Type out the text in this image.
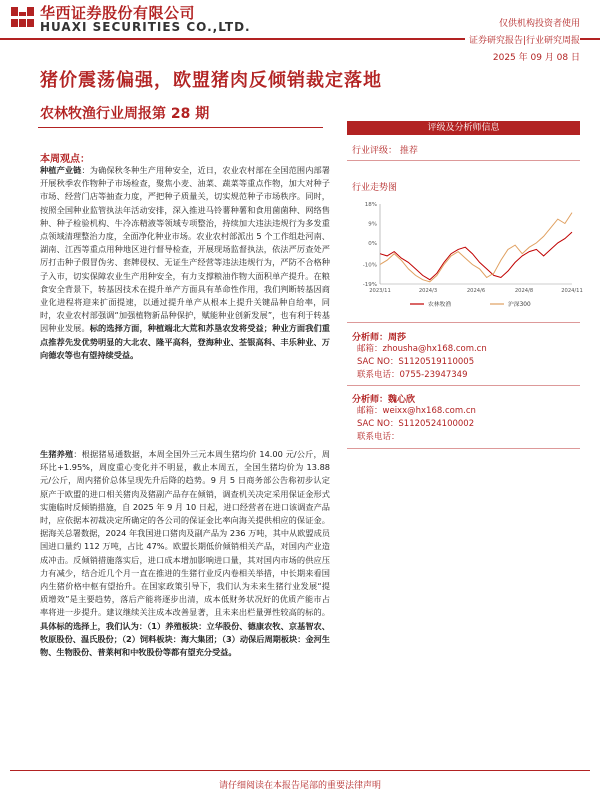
华西证券股份有限公司
HUAXI SECURITIES CO.,LTD.	仅供机构投资者使用
证券研究报告|行业研究周报
2025 年 09 月 08 日
猪价震荡偏强，欧盟猪肉反倾销裁定落地
农林牧渔行业周报第 28 期
本周观点：
种植产业链：为确保秋冬种生产用种安全，近日，农业农村部在全国范围内部署开展秋季农作物种子市场检查，聚焦小麦、油菜、蔬菜等重点作物，加大对种子市场、经营门店等抽查力度，严把种子质量关，切实规范种子市场秩序。同时，按照全国种业监管执法年活动安排，深入推进马铃薯种薯和食用菌菌种、网络售种、种子检验机构、牛冷冻精液等领域专项整治，持续加大违法违规行为多发重点领域清理整治力度，全面净化种业市场。农业农村部派出 5 个工作组赴河南、湖南、江西等重点用种地区进行督导检查，开展现场监督执法，依法严厉查处严厉打击种子假冒伪劣、套牌侵权、无证生产经营等违法违规行为，严防不合格种子入市，切实保障农业生产用种安全，有力支撑粮油作物大面积单产提升。在粮食安全背景下，转基因技术在提升单产方面具有革命性作用，我们判断转基因商业化进程将迎来扩面提速，以通过提升单产从根本上提升关键品种自给率，同时，农业农村部强调“加强植物新品种保护，赋能种业创新发展”，也有利于转基因种业发展。标的选择方面，种植端北大荒和苏垦农发将受益；种业方面我们重点推荐先发优势明显的大北农、隆平高科，登海种业、荃银高科、丰乐种业、万向德农等也有望持续受益。
生猪养殖：根据猪易通数据，本周全国外三元本周生猪均价 14.00 元/公斤，周环比+1.95%，周度重心变化并不明显，截止本周五，全国生猪均价为 13.88 元/公斤，周内猪价总体呈现先升后降的趋势。9 月 5 日商务部公告称初步认定原产于欧盟的进口相关猪肉及猪副产品存在倾销，调查机关决定采用保证金形式实施临时反倾销措施，自 2025 年 9 月 10 日起，进口经营者在进口该调查产品时，应依据本初裁决定所确定的各公司的保证金比率向海关提供相应的保证金。据海关总署数据，2024 年我国进口猪肉及副产品为 236 万吨，其中从欧盟成员国进口量约 112 万吨，占比 47%。欧盟长期低价倾销相关产品，对国内产业造成冲击。反倾销措施落实后，进口成本增加影响进口量，其对国内市场的供应压力有减少，结合近几个月一直在推进的生猪行业反内卷相关举措，中长期来看国内生猪价格中枢有望抬升。在国家政策引导下，我们认为未来生猪行业发展“提质增效”是主要趋势，落后产能将逐步出清，成本低财务状况好的优质产能市占率将进一步提升。建议继续关注成本改善显著，且未来出栏量弹性较高的标的。具体标的选择上，我们认为：（1）养殖板块：立华股份、德康农牧、京基智农、牧原股份、温氏股份；（2）饲料板块：海大集团；（3）动保后周期板块：金河生物、生物股份、普莱柯和中牧股份等都有望充分受益。
评级及分析师信息
行业评级： 推荐
行业走势图
18%
9%
0%
-10%
-19%
2023/11	2024/3	2024/6	2024/8	2024/11
农林牧渔	沪深300
分析师：周莎
邮箱：zhousha@hx168.com.cn
SAC NO：S1120519110005
联系电话：0755-23947349
分析师：魏心欣
邮箱：weixx@hx168.com.cn
SAC NO：S1120524100002
联系电话：
请仔细阅读在本报告尾部的重要法律声明
